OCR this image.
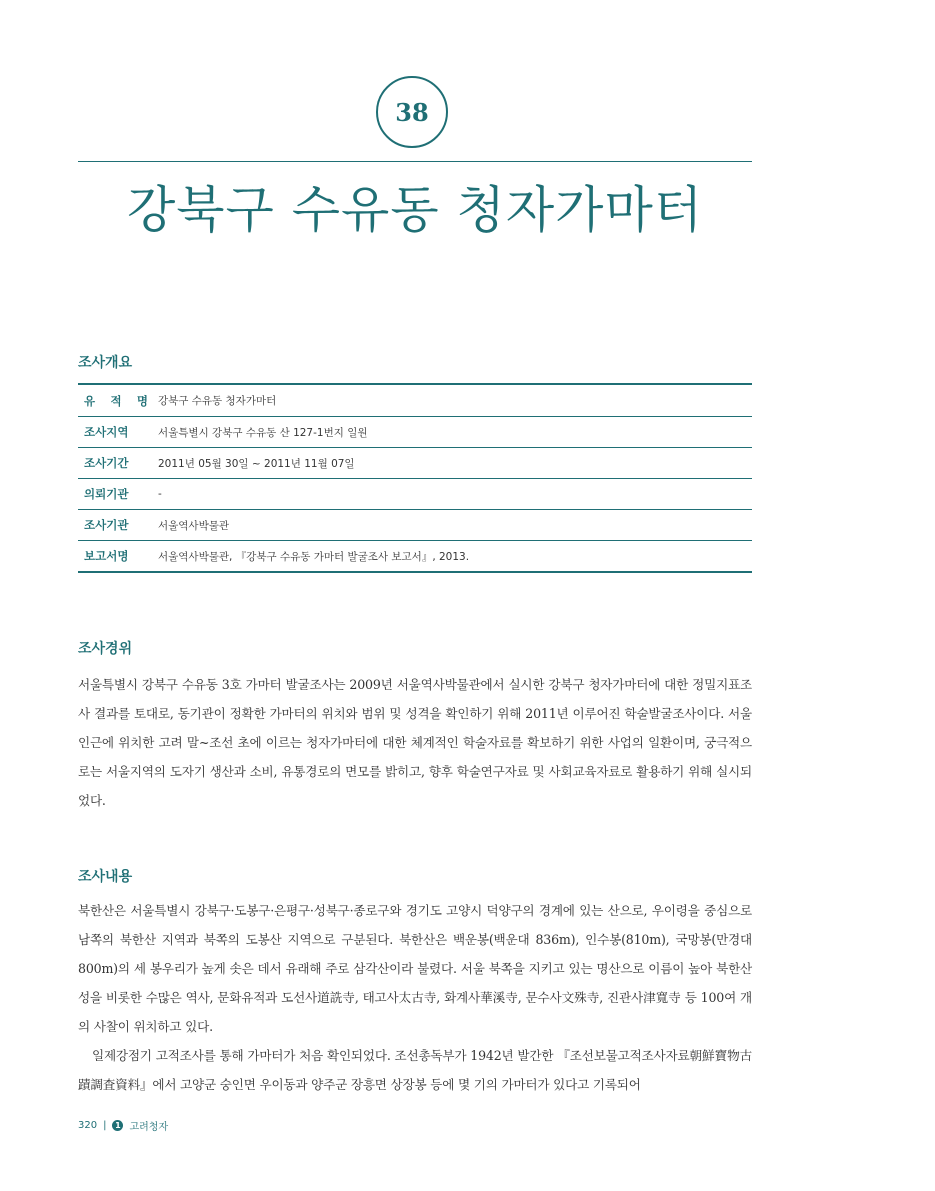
38
강북구 수유동 청자가마터
조사개요
유 적 명 강북구 수유동 청자가마터
조사지역	서울특별시 강북구 수유동 산 127-1번지 일원
조사기간	2011년 05월 30일 ~ 2011년 11월 07일
의뢰기관	-
조사기관	서울역사박물관
보고서명	서울역사박물관, 『강북구 수유동 가마터 발굴조사 보고서』, 2013.
조사경위

서울특별시 강북구 수유동 3호 가마터 발굴조사는 2009년 서울역사박물관에서 실시한 강북구 청자가마터에 대한 정밀지표조사 결과를 토대로, 동기관이 정확한 가마터의 위치와 범위 및 성격을 확인하기 위해 2011년 이루어진 학술발굴조사이다. 서울인근에 위치한 고려 말~조선 초에 이르는 청자가마터에 대한 체계적인 학술자료를 확보하기 위한 사업의 일환이며, 궁극적으로는 서울지역의 도자기 생산과 소비, 유통경로의 면모를 밝히고, 향후 학술연구자료 및 사회교육자료로 활용하기 위해 실시되었다.

조사내용

북한산은 서울특별시 강북구·도봉구·은평구·성북구·종로구와 경기도 고양시 덕양구의 경계에 있는 산으로, 우이령을 중심으로 남쪽의 북한산 지역과 북쪽의 도봉산 지역으로 구분된다. 북한산은 백운봉(백운대 836m), 인수봉(810m), 국망봉(만경대 800m)의 세 봉우리가 높게 솟은 데서 유래해 주로 삼각산이라 불렸다. 서울 북쪽을 지키고 있는 명산으로 이름이 높아 북한산성을 비롯한 수많은 역사, 문화유적과 도선사道詵寺, 태고사太古寺, 화계사華溪寺, 문수사文殊寺, 진관사津寬寺 등 100여 개의 사찰이 위치하고 있다.

일제강점기 고적조사를 통해 가마터가 처음 확인되었다. 조선총독부가 1942년 발간한 『조선보물고적조사자료朝鮮寶物古蹟調査資料』에서 고양군 숭인면 우이동과 양주군 장흥면 상장봉 등에 몇 기의 가마터가 있다고 기록되어

320 |	1 고려청자
